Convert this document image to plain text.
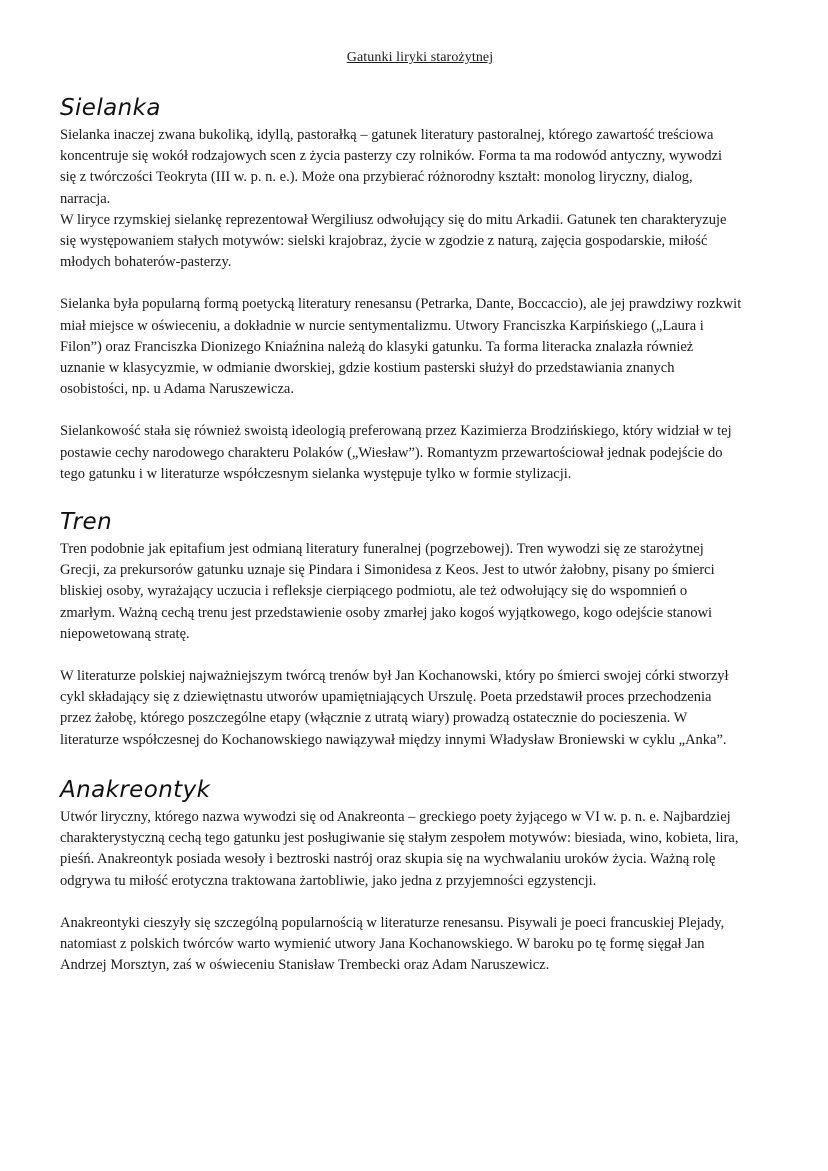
Gatunki liryki starożytnej
Sielanka

Sielanka inaczej zwana bukoliką, idyllą, pastorałką – gatunek literatury pastoralnej, którego zawartość treściowa

koncentruje się wokół rodzajowych scen z życia pasterzy czy rolników. Forma ta ma rodowód antyczny, wywodzi

się z twórczości Teokryta (III w. p. n. e.). Może ona przybierać różnorodny kształt: monolog liryczny, dialog,

narracja.

W liryce rzymskiej sielankę reprezentował Wergiliusz odwołujący się do mitu Arkadii. Gatunek ten charakteryzuje

się występowaniem stałych motywów: sielski krajobraz, życie w zgodzie z naturą, zajęcia gospodarskie, miłość

młodych bohaterów-pasterzy.

Sielanka była popularną formą poetycką literatury renesansu (Petrarka, Dante, Boccaccio), ale jej prawdziwy rozkwit

miał miejsce w oświeceniu, a dokładnie w nurcie sentymentalizmu. Utwory Franciszka Karpińskiego („Laura i

Filon”) oraz Franciszka Dionizego Kniaźnina należą do klasyki gatunku. Ta forma literacka znalazła również

uznanie w klasycyzmie, w odmianie dworskiej, gdzie kostium pasterski służył do przedstawiania znanych

osobistości, np. u Adama Naruszewicza.

Sielankowość stała się również swoistą ideologią preferowaną przez Kazimierza Brodzińskiego, który widział w tej

postawie cechy narodowego charakteru Polaków („Wiesław”). Romantyzm przewartościował jednak podejście do

tego gatunku i w literaturze współczesnym sielanka występuje tylko w formie stylizacji.

Tren

Tren podobnie jak epitafium jest odmianą literatury funeralnej (pogrzebowej). Tren wywodzi się ze starożytnej

Grecji, za prekursorów gatunku uznaje się Pindara i Simonidesa z Keos. Jest to utwór żałobny, pisany po śmierci

bliskiej osoby, wyrażający uczucia i refleksje cierpiącego podmiotu, ale też odwołujący się do wspomnień o

zmarłym. Ważną cechą trenu jest przedstawienie osoby zmarłej jako kogoś wyjątkowego, kogo odejście stanowi

niepowetowaną stratę.

W literaturze polskiej najważniejszym twórcą trenów był Jan Kochanowski, który po śmierci swojej córki stworzył

cykl składający się z dziewiętnastu utworów upamiętniających Urszulę. Poeta przedstawił proces przechodzenia

przez żałobę, którego poszczególne etapy (włącznie z utratą wiary) prowadzą ostatecznie do pocieszenia. W

literaturze współczesnej do Kochanowskiego nawiązywał między innymi Władysław Broniewski w cyklu „Anka”.

Anakreontyk

Utwór liryczny, którego nazwa wywodzi się od Anakreonta – greckiego poety żyjącego w VI w. p. n. e. Najbardziej

charakterystyczną cechą tego gatunku jest posługiwanie się stałym zespołem motywów: biesiada, wino, kobieta, lira,

pieśń. Anakreontyk posiada wesoły i beztroski nastrój oraz skupia się na wychwalaniu uroków życia. Ważną rolę

odgrywa tu miłość erotyczna traktowana żartobliwie, jako jedna z przyjemności egzystencji.

Anakreontyki cieszyły się szczególną popularnością w literaturze renesansu. Pisywali je poeci francuskiej Plejady,

natomiast z polskich twórców warto wymienić utwory Jana Kochanowskiego. W baroku po tę formę sięgał Jan

Andrzej Morsztyn, zaś w oświeceniu Stanisław Trembecki oraz Adam Naruszewicz.
